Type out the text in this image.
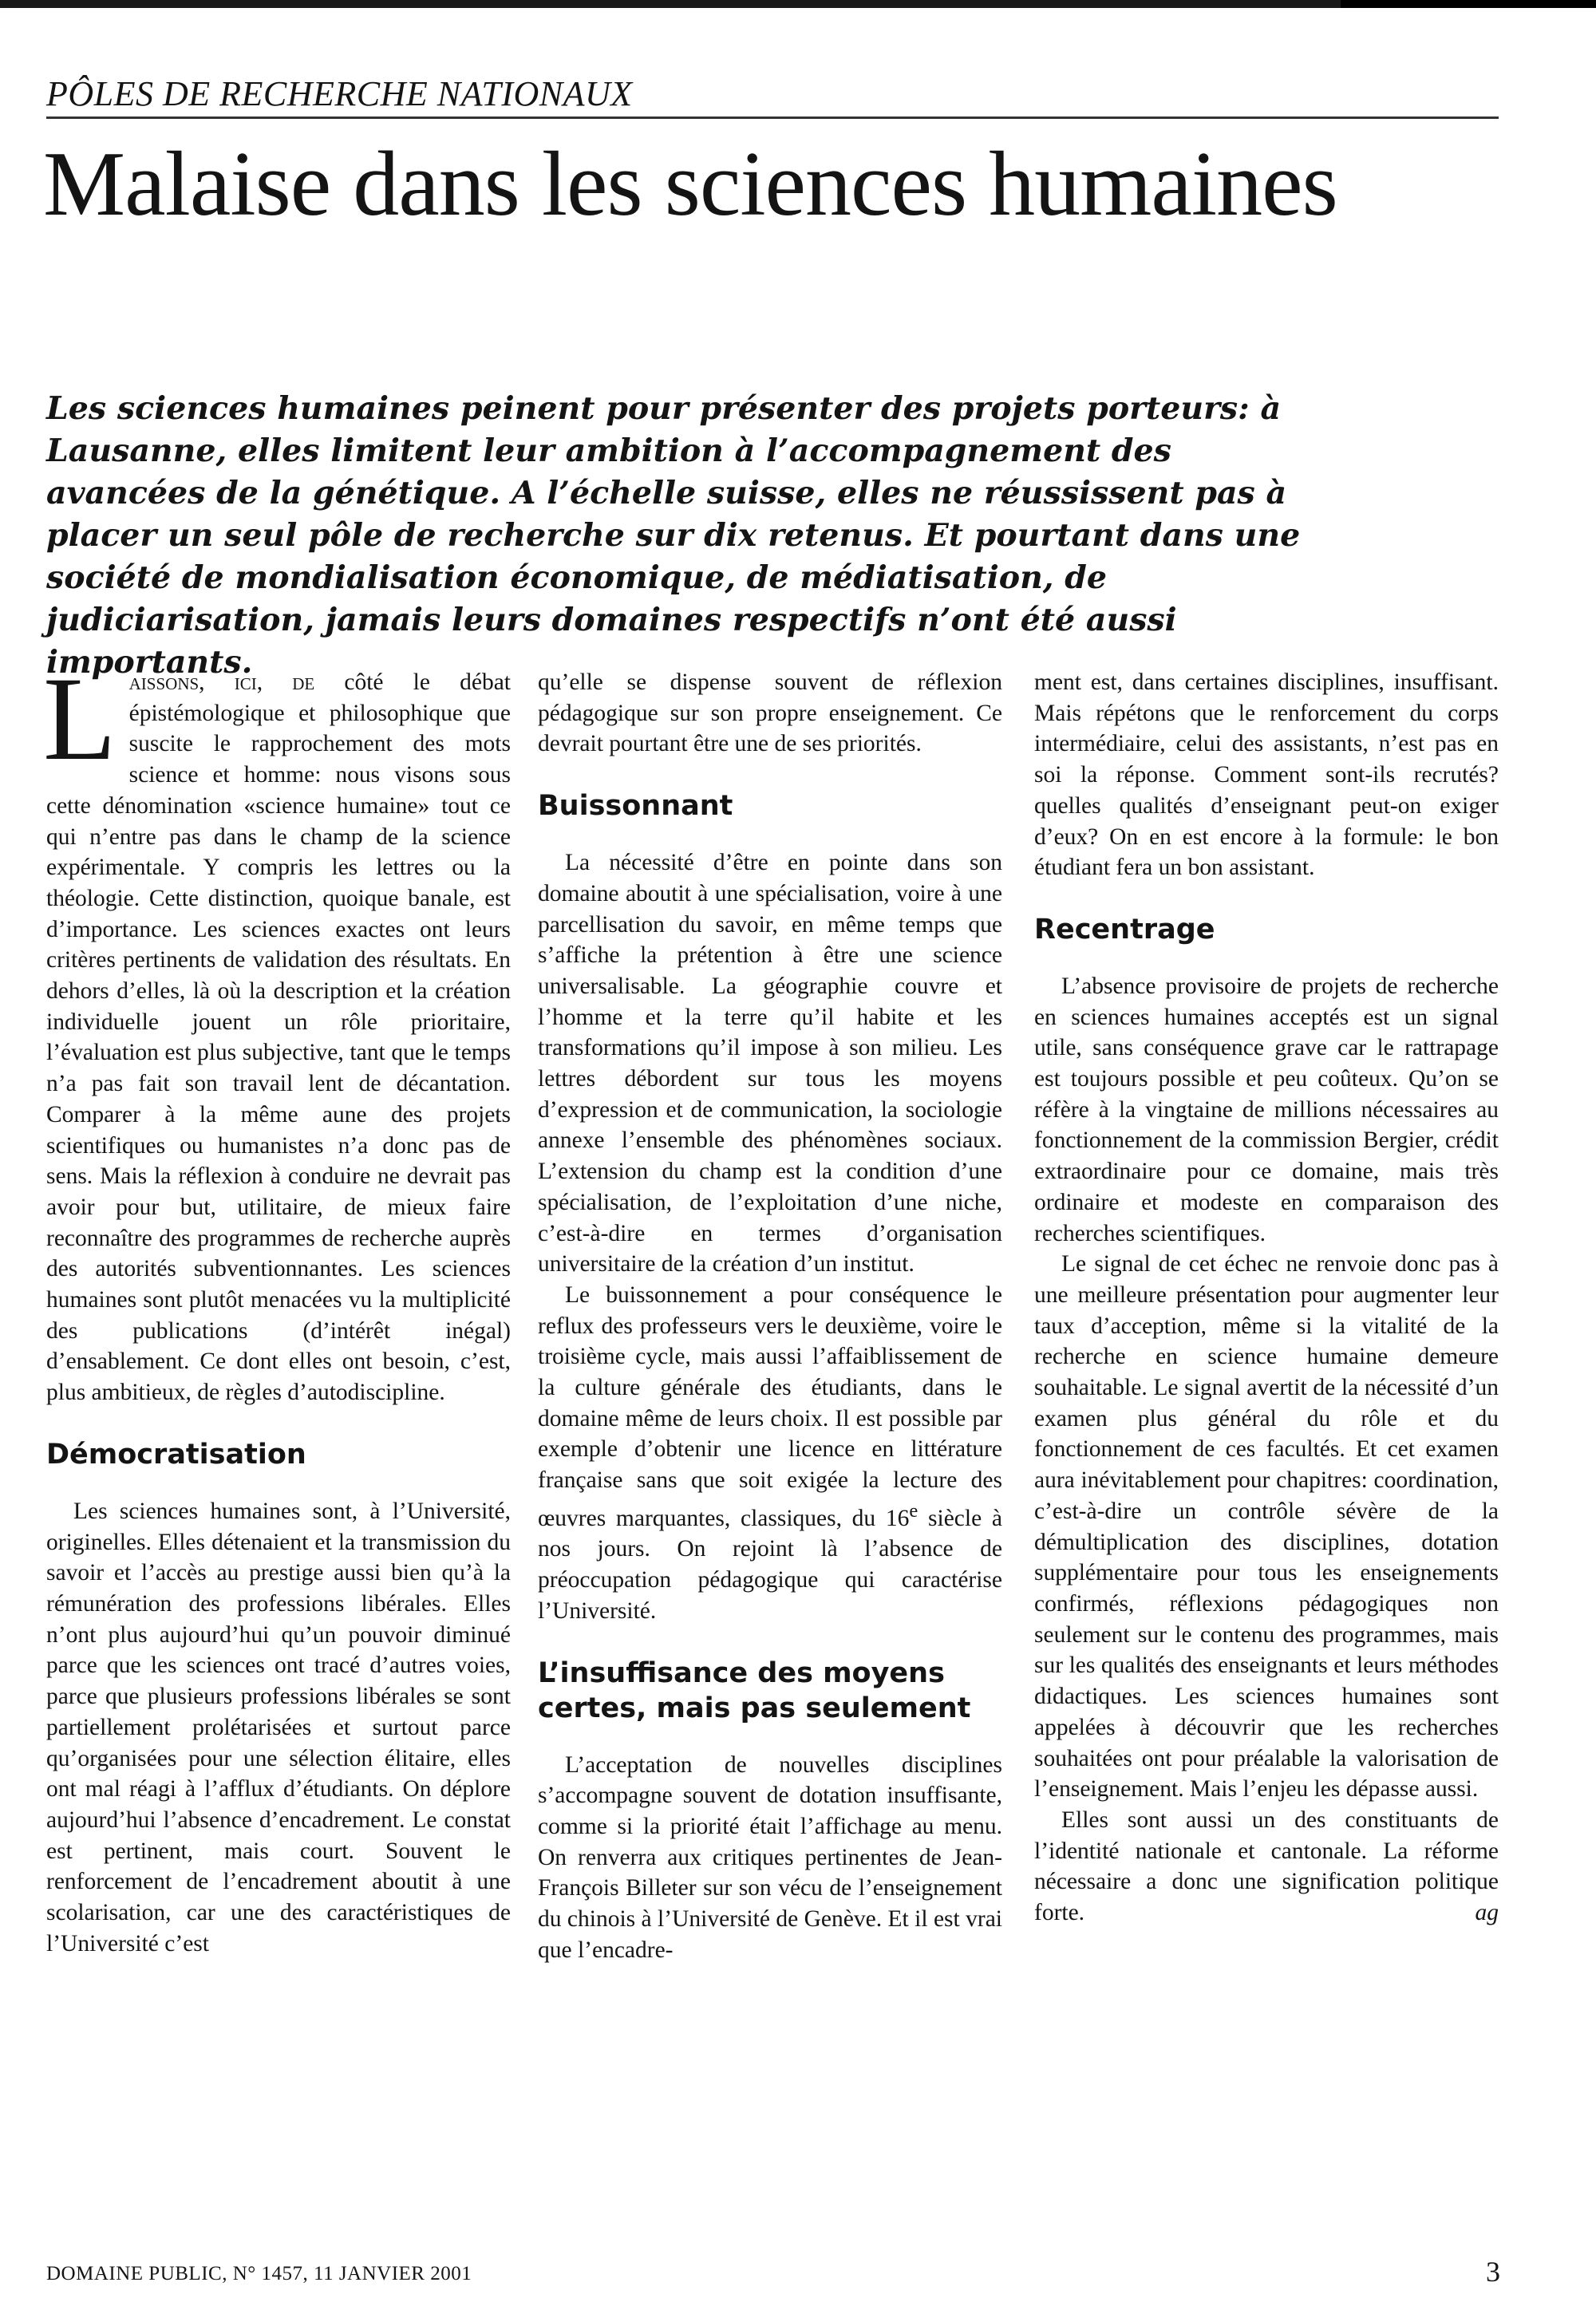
PÔLES DE RECHERCHE NATIONAUX
Malaise dans les sciences humaines

Les sciences humaines peinent pour présenter des projets porteurs: à Lausanne, elles limitent leur ambition à l’accompagnement des avancées de la génétique. A l’échelle suisse, elles ne réussissent pas à placer un seul pôle de recherche sur dix retenus. Et pourtant dans une société de mondialisation économique, de médiatisation, de judiciarisation, jamais leurs domaines respectifs n’ont été aussi importants.

Laissons, ici, de côté le débat épistémologique et philosophique que suscite le rapprochement des mots science et homme: nous visons sous cette dénomination «science humaine» tout ce qui n’entre pas dans le champ de la science expérimentale. Y compris les lettres ou la théologie. Cette distinction, quoique banale, est d’importance. Les sciences exactes ont leurs critères pertinents de validation des résultats. En dehors d’elles, là où la description et la création individuelle jouent un rôle prioritaire, l’évaluation est plus subjective, tant que le temps n’a pas fait son travail lent de décantation. Comparer à la même aune des projets scientifiques ou humanistes n’a donc pas de sens. Mais la réflexion à conduire ne devrait pas avoir pour but, utilitaire, de mieux faire reconnaître des programmes de recherche auprès des autorités subventionnantes. Les sciences humaines sont plutôt menacées vu la multiplicité des publications (d’intérêt inégal) d’ensablement. Ce dont elles ont besoin, c’est, plus ambitieux, de règles d’autodiscipline.

Démocratisation

Les sciences humaines sont, à l’Université, originelles. Elles détenaient et la transmission du savoir et l’accès au prestige aussi bien qu’à la rémunération des professions libérales. Elles n’ont plus aujourd’hui qu’un pouvoir diminué parce que les sciences ont tracé d’autres voies, parce que plusieurs professions libérales se sont partiellement prolétarisées et surtout parce qu’organisées pour une sélection élitaire, elles ont mal réagi à l’afflux d’étudiants. On déplore aujourd’hui l’absence d’encadrement. Le constat est pertinent, mais court. Souvent le renforcement de l’encadrement aboutit à une scolarisation, car une des caractéristiques de l’Université c’est

qu’elle se dispense souvent de réflexion pédagogique sur son propre enseignement. Ce devrait pourtant être une de ses priorités.

Buissonnant

La nécessité d’être en pointe dans son domaine aboutit à une spécialisation, voire à une parcellisation du savoir, en même temps que s’affiche la prétention à être une science universalisable. La géographie couvre et l’homme et la terre qu’il habite et les transformations qu’il impose à son milieu. Les lettres débordent sur tous les moyens d’expression et de communication, la sociologie annexe l’ensemble des phénomènes sociaux. L’extension du champ est la condition d’une spécialisation, de l’exploitation d’une niche, c’est-à-dire en termes d’organisation universitaire de la création d’un institut.

Le buissonnement a pour conséquence le reflux des professeurs vers le deuxième, voire le troisième cycle, mais aussi l’affaiblissement de la culture générale des étudiants, dans le domaine même de leurs choix. Il est possible par exemple d’obtenir une licence en littérature française sans que soit exigée la lecture des œuvres marquantes, classiques, du 16e siècle à nos jours. On rejoint là l’absence de préoccupation pédagogique qui caractérise l’Université.

L’insuffisance des moyens certes, mais pas seulement

L’acceptation de nouvelles disciplines s’accompagne souvent de dotation insuffisante, comme si la priorité était l’affichage au menu. On renverra aux critiques pertinentes de Jean-François Billeter sur son vécu de l’enseignement du chinois à l’Université de Genève. Et il est vrai que l’encadre-

ment est, dans certaines disciplines, insuffisant. Mais répétons que le renforcement du corps intermédiaire, celui des assistants, n’est pas en soi la réponse. Comment sont-ils recrutés? quelles qualités d’enseignant peut-on exiger d’eux? On en est encore à la formule: le bon étudiant fera un bon assistant.

Recentrage

L’absence provisoire de projets de recherche en sciences humaines acceptés est un signal utile, sans conséquence grave car le rattrapage est toujours possible et peu coûteux. Qu’on se réfère à la vingtaine de millions nécessaires au fonctionnement de la commission Bergier, crédit extraordinaire pour ce domaine, mais très ordinaire et modeste en comparaison des recherches scientifiques.

Le signal de cet échec ne renvoie donc pas à une meilleure présentation pour augmenter leur taux d’acception, même si la vitalité de la recherche en science humaine demeure souhaitable. Le signal avertit de la nécessité d’un examen plus général du rôle et du fonctionnement de ces facultés. Et cet examen aura inévitablement pour chapitres: coordination, c’est-à-dire un contrôle sévère de la démultiplication des disciplines, dotation supplémentaire pour tous les enseignements confirmés, réflexions pédagogiques non seulement sur le contenu des programmes, mais sur les qualités des enseignants et leurs méthodes didactiques. Les sciences humaines sont appelées à découvrir que les recherches souhaitées ont pour préalable la valorisation de l’enseignement. Mais l’enjeu les dépasse aussi.

Elles sont aussi un des constituants de l’identité nationale et cantonale. La réforme nécessaire a donc une signification politique forte.	ag

DOMAINE PUBLIC, N° 1457, 11 JANVIER 2001	3
